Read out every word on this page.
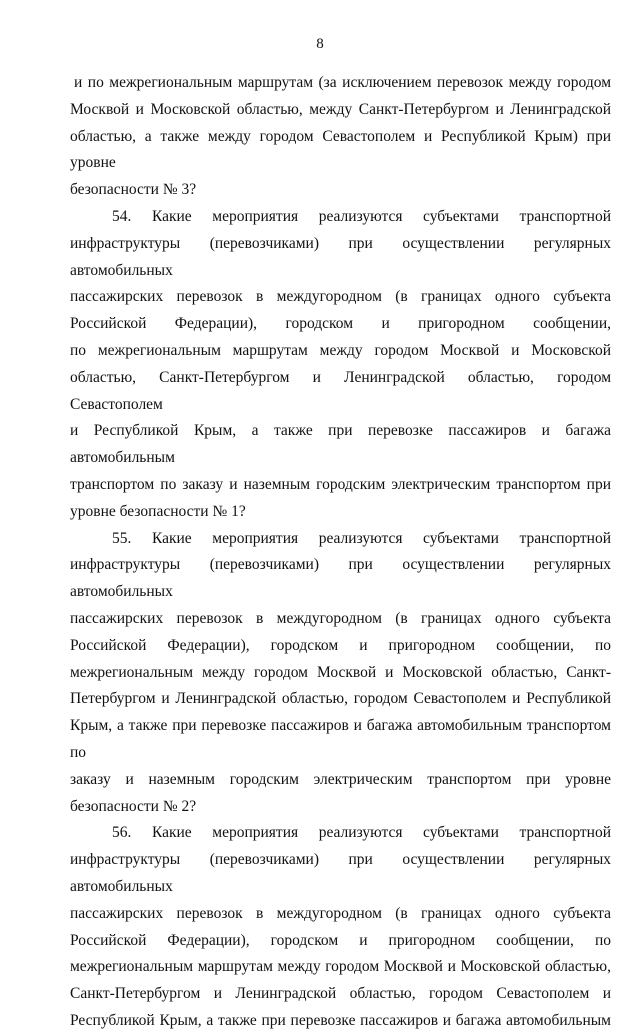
8

и по межрегиональным маршрутам (за исключением перевозок между городом
Москвой и Московской областью, между Санкт-Петербургом и Ленинградской
областью, а также между городом Севастополем и Республикой Крым) при уровне
безопасности № 3?

54. Какие мероприятия реализуются субъектами транспортной
инфраструктуры (перевозчиками) при осуществлении регулярных автомобильных
пассажирских перевозок в междугородном (в границах одного субъекта
Российской Федерации), городском и пригородном сообщении,
по межрегиональным маршрутам между городом Москвой и Московской
областью, Санкт-Петербургом и Ленинградской областью, городом Севастополем
и Республикой Крым, а также при перевозке пассажиров и багажа автомобильным
транспортом по заказу и наземным городским электрическим транспортом при
уровне безопасности № 1?

55. Какие мероприятия реализуются субъектами транспортной
инфраструктуры (перевозчиками) при осуществлении регулярных автомобильных
пассажирских перевозок в междугородном (в границах одного субъекта
Российской Федерации), городском и пригородном сообщении, по
межрегиональным между городом Москвой и Московской областью, Санкт-
Петербургом и Ленинградской областью, городом Севастополем и Республикой
Крым, а также при перевозке пассажиров и багажа автомобильным транспортом по
заказу и наземным городским электрическим транспортом при уровне
безопасности № 2?

56. Какие мероприятия реализуются субъектами транспортной
инфраструктуры (перевозчиками) при осуществлении регулярных автомобильных
пассажирских перевозок в междугородном (в границах одного субъекта
Российской Федерации), городском и пригородном сообщении, по
межрегиональным маршрутам между городом Москвой и Московской областью,
Санкт-Петербургом и Ленинградской областью, городом Севастополем и
Республикой Крым, а также при перевозке пассажиров и багажа автомобильным
